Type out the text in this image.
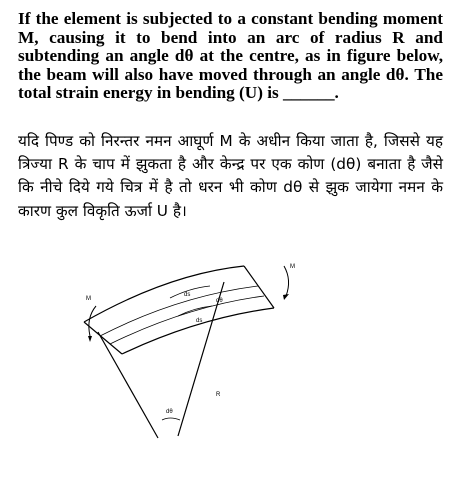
If the element is subjected to a constant bending moment M, causing it to bend into an arc of radius R and subtending an angle dθ at the centre, as in figure below, the beam will also have moved through an angle dθ. The total strain energy in bending (U) is ______.

यदि पिण्ड को निरन्तर नमन आघूर्ण M के अधीन किया जाता है, जिससे यह त्रिज्या R के चाप में झुकता है और केन्द्र पर एक कोण (dθ) बनाता है जैसे कि नीचे दिये गये चित्र में है तो धरन भी कोण dθ से झुक जायेगा नमन के कारण कुल विकृति ऊर्जा U है।

M
M
ds
ds
dθ
R
dθ
